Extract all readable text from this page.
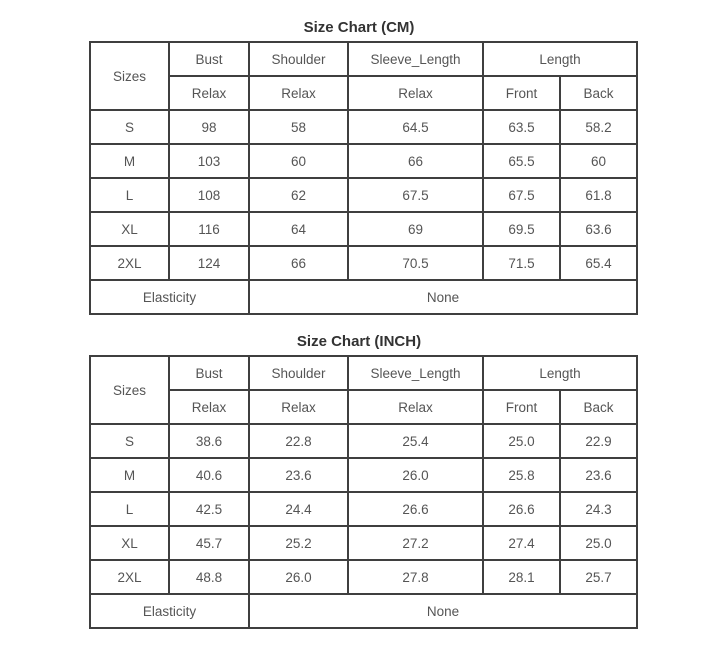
Size Chart (CM)
Sizes	Bust	Shoulder	Sleeve_Length	Length	
	Relax	Relax	Relax	Front	Back
S	98	58	64.5	63.5	58.2
M	103	60	66	65.5	60
L	108	62	67.5	67.5	61.8
XL	116	64	69	69.5	63.6
2XL	124	66	70.5	71.5	65.4
Elasticity		None			
Size Chart (INCH)
Sizes	Bust	Shoulder	Sleeve_Length	Length	
	Relax	Relax	Relax	Front	Back
S	38.6	22.8	25.4	25.0	22.9
M	40.6	23.6	26.0	25.8	23.6
L	42.5	24.4	26.6	26.6	24.3
XL	45.7	25.2	27.2	27.4	25.0
2XL	48.8	26.0	27.8	28.1	25.7
Elasticity		None			
